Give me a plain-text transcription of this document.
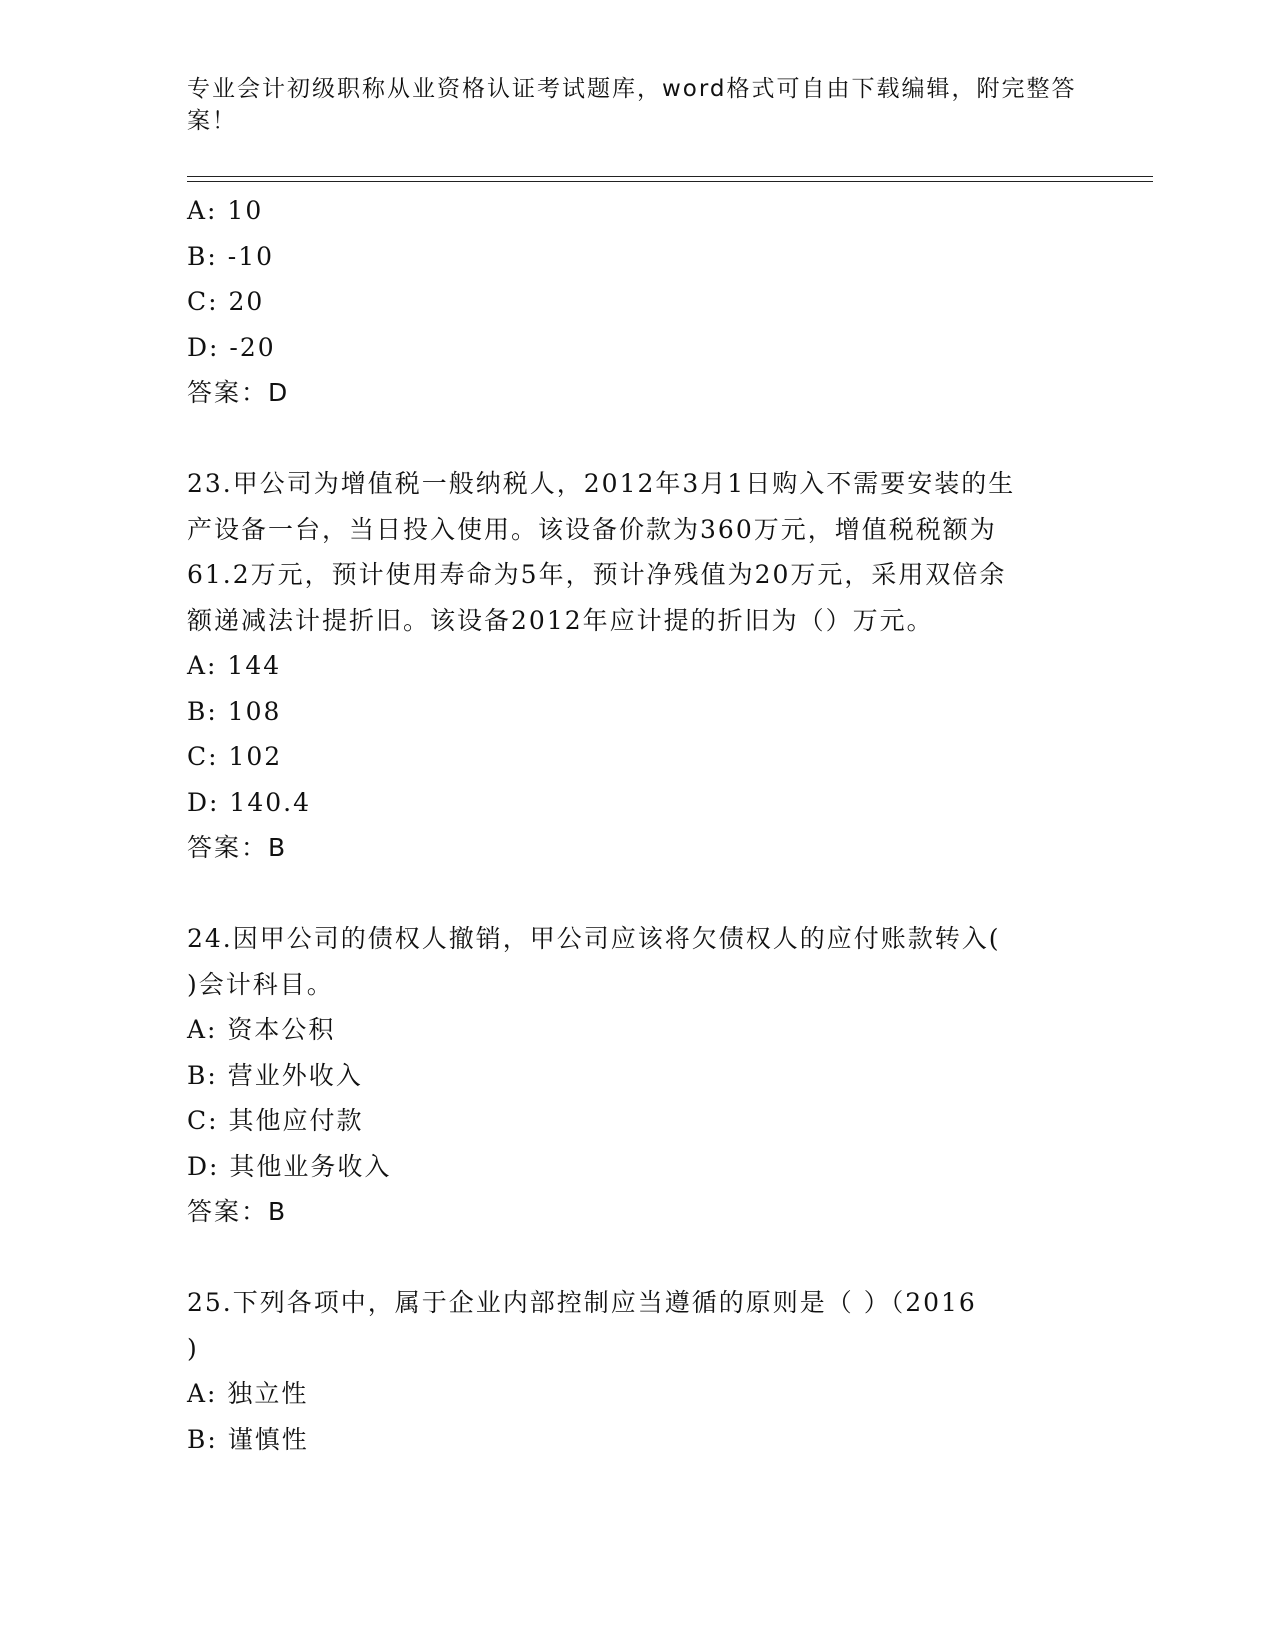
专业会计初级职称从业资格认证考试题库，word格式可自由下载编辑，附完整答案！
A: 10
B: -10
C: 20
D: -20
答案：D
23.甲公司为增值税一般纳税人，2012年3月1日购入不需要安装的生
产设备一台，当日投入使用。该设备价款为360万元，增值税税额为
61.2万元，预计使用寿命为5年，预计净残值为20万元，采用双倍余
额递减法计提折旧。该设备2012年应计提的折旧为（）万元。
A: 144
B: 108
C: 102
D: 140.4
答案：B
24.因甲公司的债权人撤销，甲公司应该将欠债权人的应付账款转入(
)会计科目。
A: 资本公积
B: 营业外收入
C: 其他应付款
D: 其他业务收入
答案：B
25.下列各项中，属于企业内部控制应当遵循的原则是（ ）（2016
)
A: 独立性
B: 谨慎性
